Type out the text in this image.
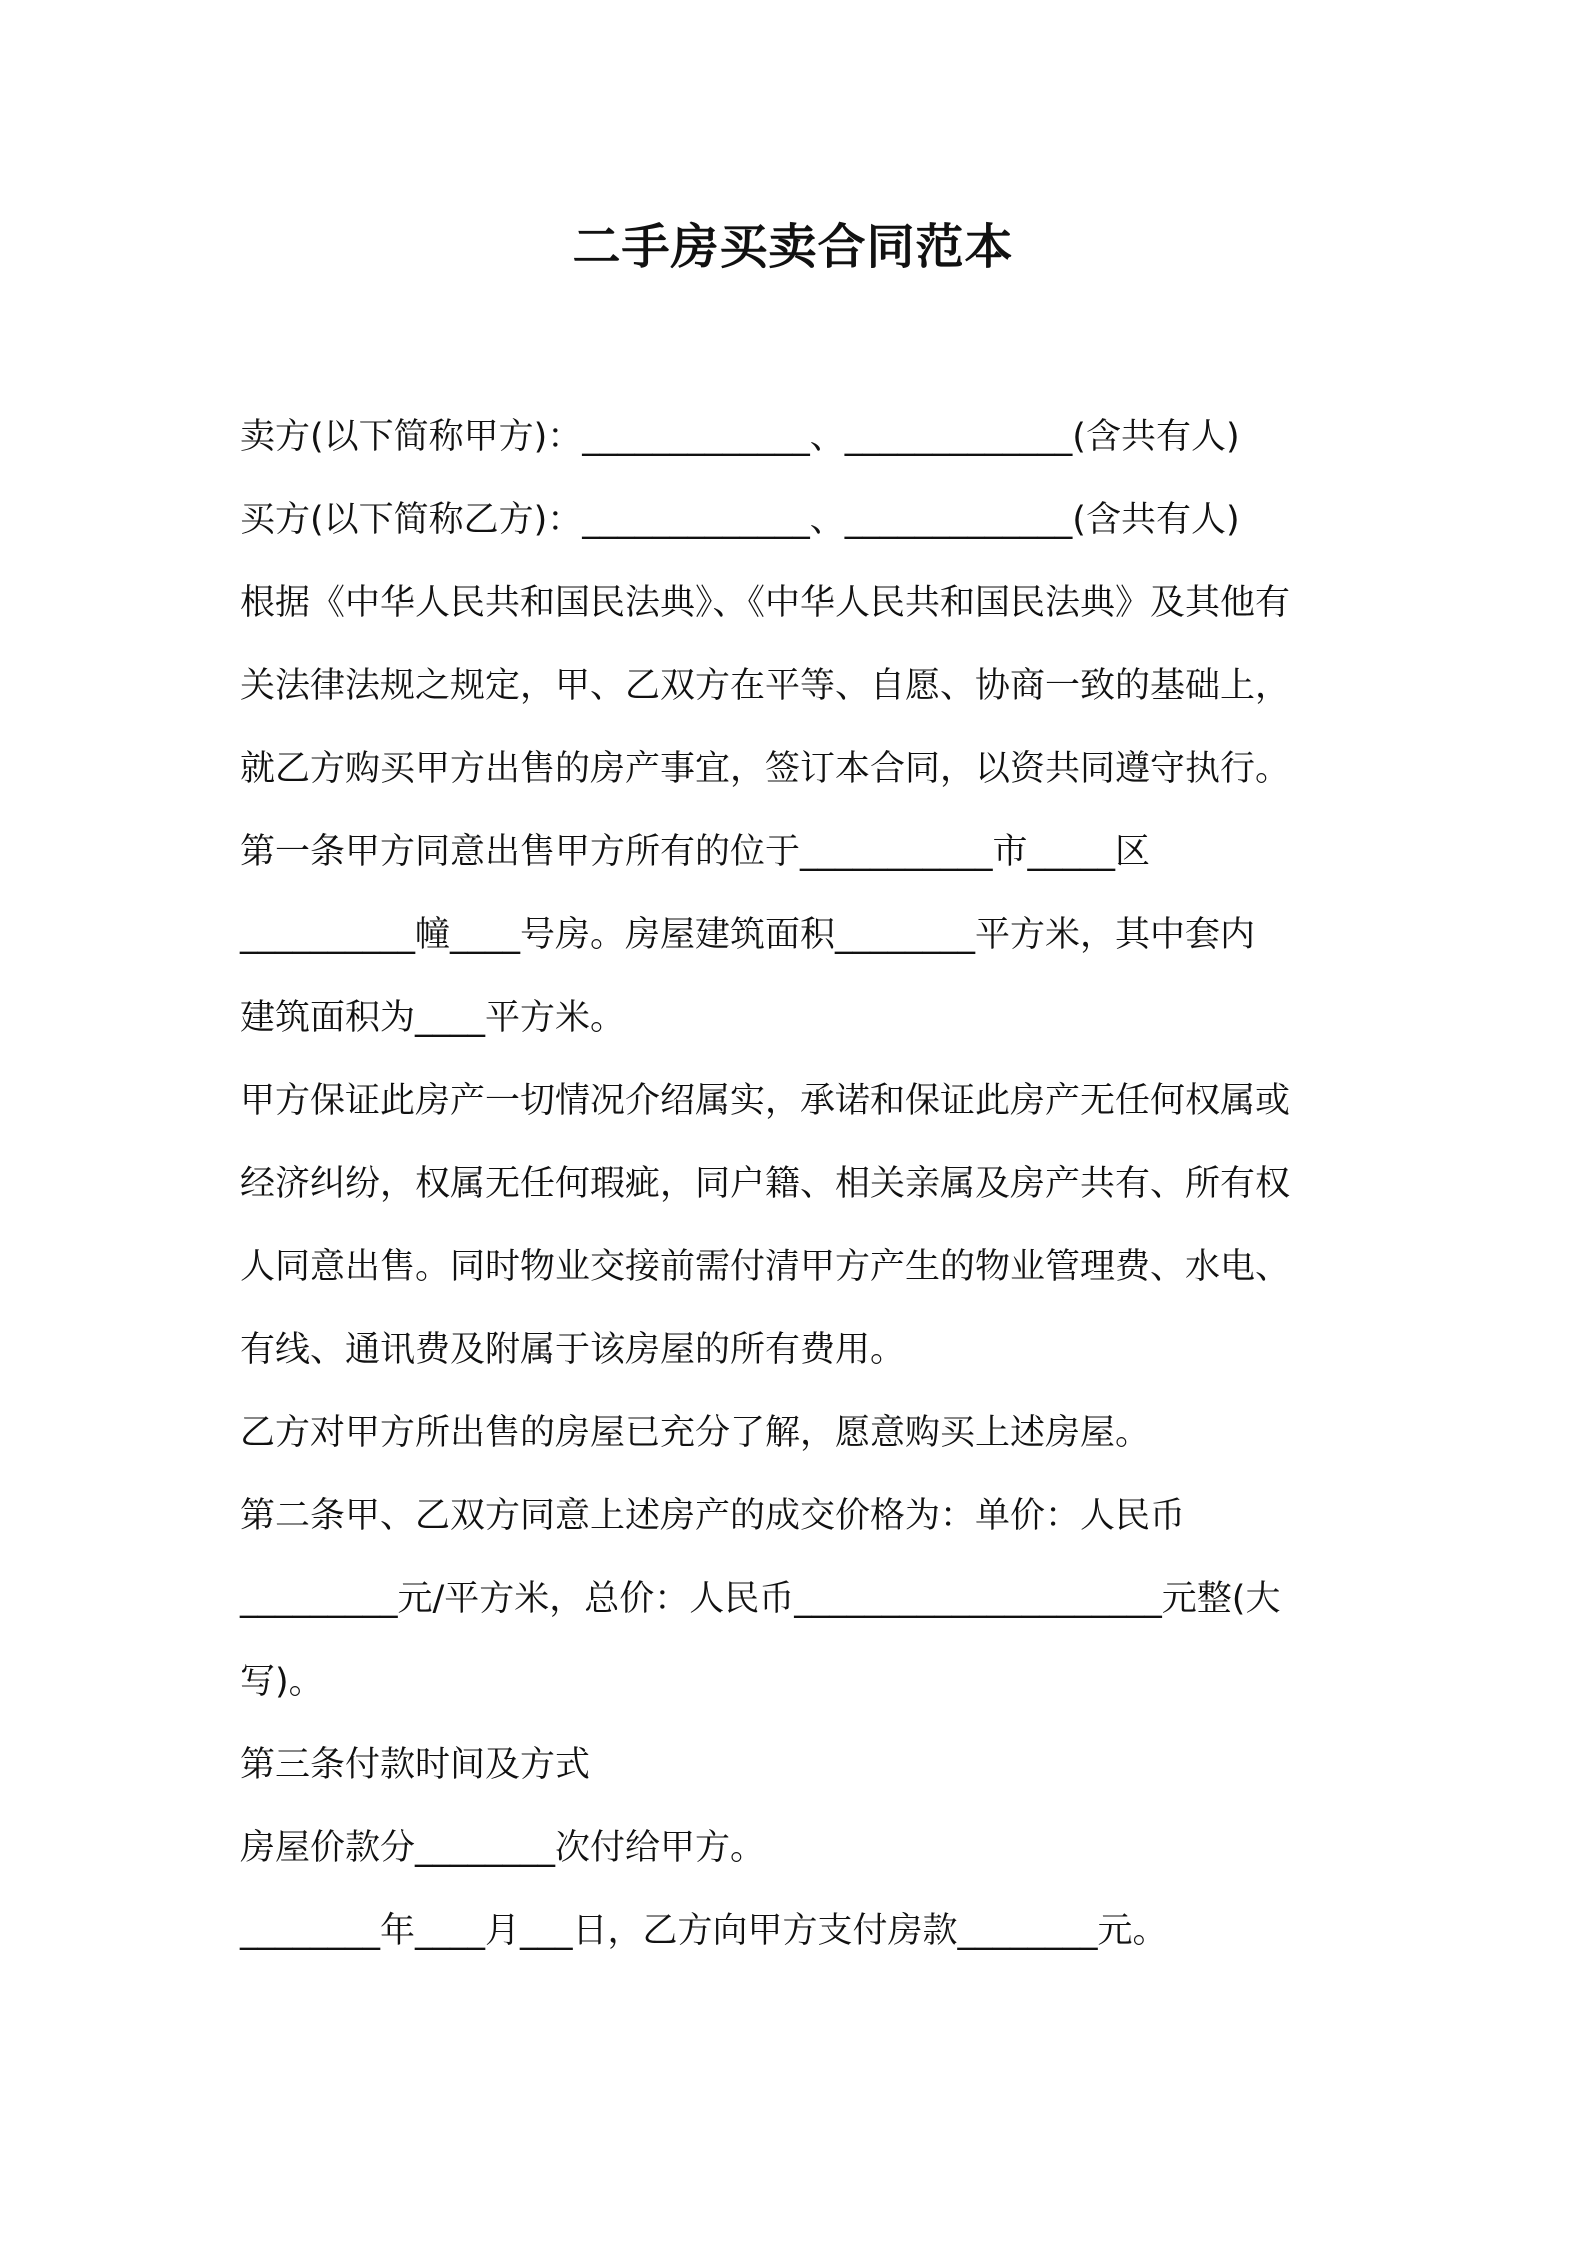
二手房买卖合同范本
卖方(以下简称甲方)：_____________、_____________(含共有人)
买方(以下简称乙方)：_____________、_____________(含共有人)
根据《中华人民共和国民法典》、《中华人民共和国民法典》及其他有
关法律法规之规定，甲、乙双方在平等、自愿、协商一致的基础上，
就乙方购买甲方出售的房产事宜，签订本合同，以资共同遵守执行。
第一条甲方同意出售甲方所有的位于___________市_____区
__________幢____号房。房屋建筑面积________平方米，其中套内
建筑面积为____平方米。
甲方保证此房产一切情况介绍属实，承诺和保证此房产无任何权属或
经济纠纷，权属无任何瑕疵，同户籍、相关亲属及房产共有、所有权
人同意出售。同时物业交接前需付清甲方产生的物业管理费、水电、
有线、通讯费及附属于该房屋的所有费用。
乙方对甲方所出售的房屋已充分了解，愿意购买上述房屋。
第二条甲、乙双方同意上述房产的成交价格为：单价：人民币
_________元/平方米，总价：人民币_____________________元整(大
写)。
第三条付款时间及方式
房屋价款分________次付给甲方。
________年____月___日，乙方向甲方支付房款________元。
